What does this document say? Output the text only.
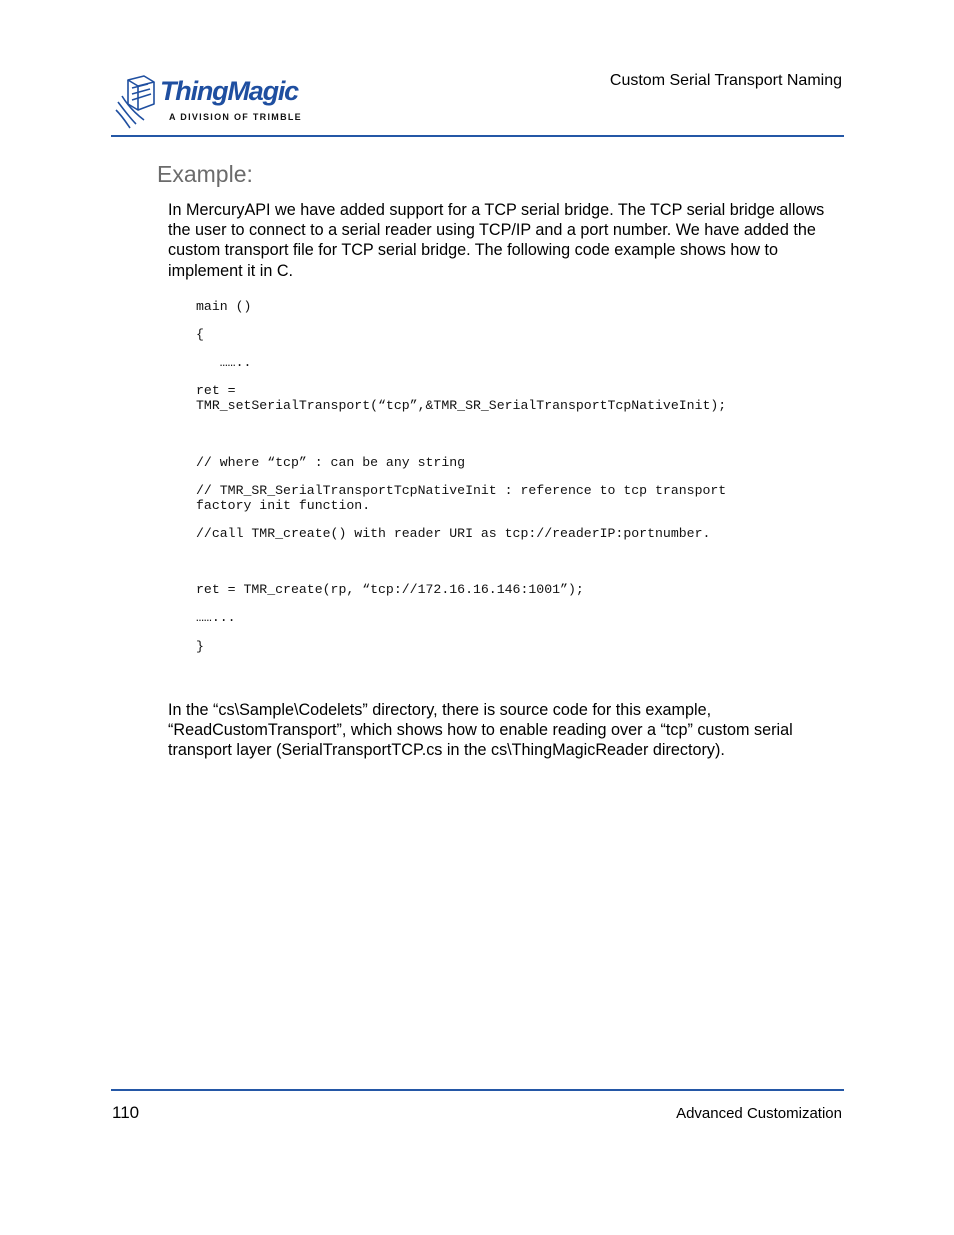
ThingMagic
A DIVISION OF TRIMBLE
Custom Serial Transport Naming
Example:
In MercuryAPI we have added support for a TCP serial bridge. The TCP serial bridge allows the user to connect to a serial reader using TCP/IP and a port number. We have added the custom transport file for TCP serial bridge. The following code example shows how to implement it in C.
main ()
{
……..
ret =
TMR_setSerialTransport(“tcp”,&TMR_SR_SerialTransportTcpNativeInit);
// where “tcp” : can be any string
// TMR_SR_SerialTransportTcpNativeInit : reference to tcp transport
factory init function.
//call TMR_create() with reader URI as tcp://readerIP:portnumber.
ret = TMR_create(rp, “tcp://172.16.16.146:1001”);
……...
}
In the “cs\Sample\Codelets” directory, there is source code for this example, “ReadCustomTransport”, which shows how to enable reading over a “tcp” custom serial transport layer (SerialTransportTCP.cs in the cs\ThingMagicReader directory).
110	Advanced Customization
